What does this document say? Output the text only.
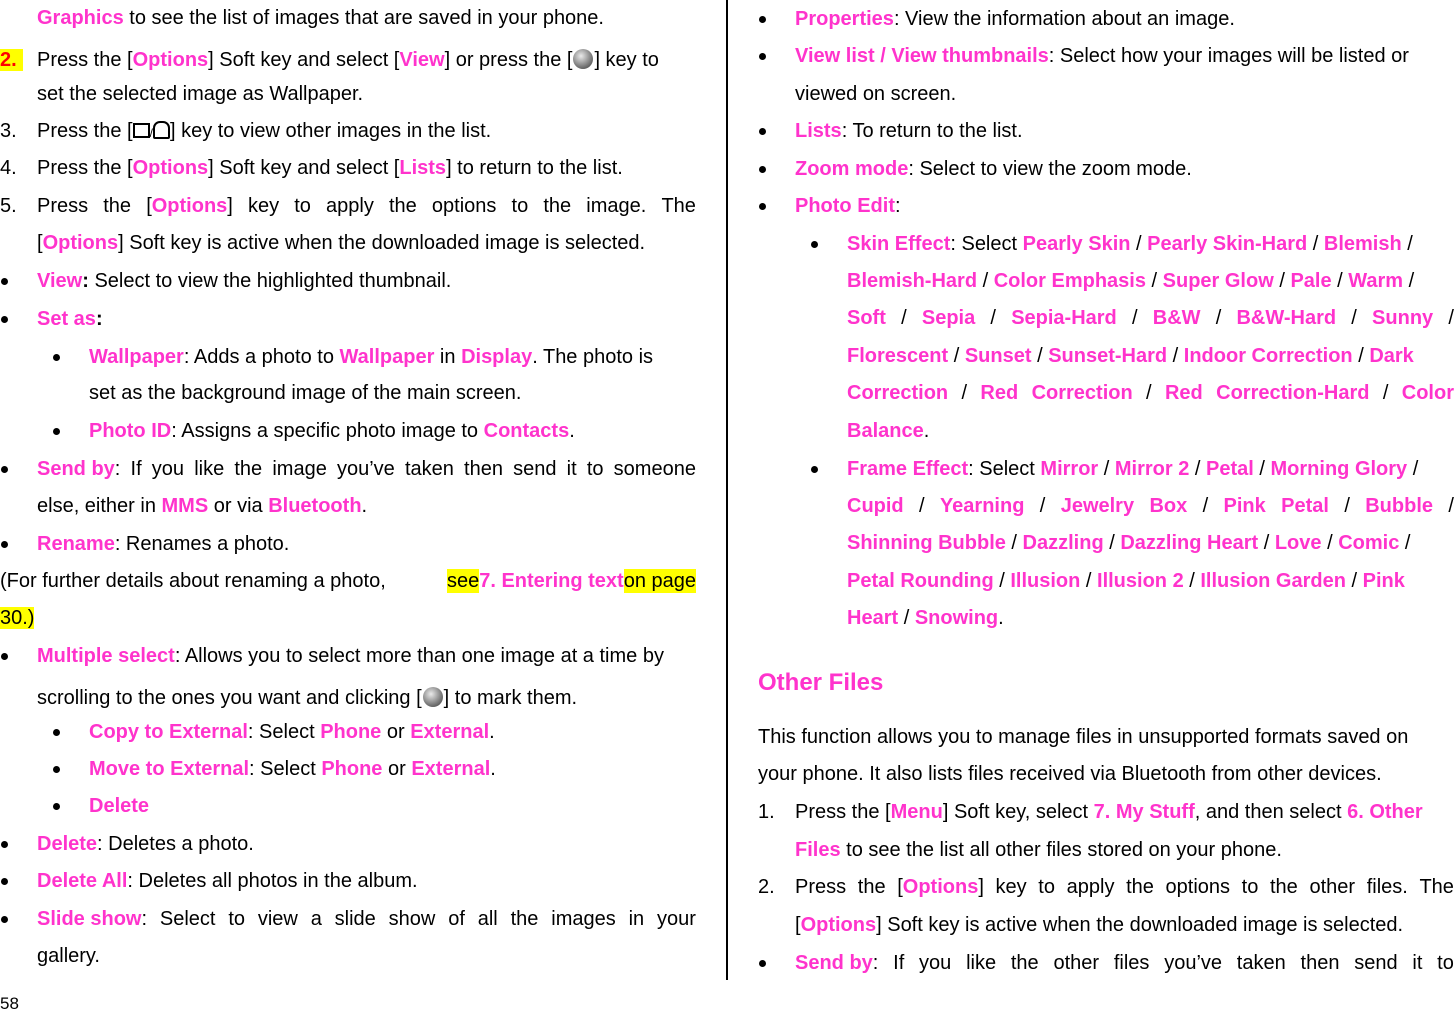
Graphics to see the list of images that are saved in your phone.
2.	Press the [Options] Soft key and select [View] or press the [ ] key to
set the selected image as Wallpaper.
3. Press the [ / ] key to view other images in the list.
4. Press the [Options] Soft key and select [Lists] to return to the list.
5. Press the [Options] key to apply the options to the image. The
[Options] Soft key is active when the downloaded image is selected.
View: Select to view the highlighted thumbnail.
Set as:
Wallpaper: Adds a photo to Wallpaper in Display. The photo is
set as the background image of the main screen.
Photo ID: Assigns a specific photo image to Contacts.
Send by: If you like the image you’ve taken then send it to someone
else, either in MMS or via Bluetooth.
Rename: Renames a photo.
(For further details about renaming a photo,	see 7. Entering text on page
30.)
Multiple select: Allows you to select more than one image at a time by
scrolling to the ones you want and clicking [ ] to mark them.
Copy to External: Select Phone or External.
Move to External: Select Phone or External.
Delete
Delete: Deletes a photo.
Delete All: Deletes all photos in the album.
Slide show: Select to view a slide show of all the images in your
gallery.
58
Properties: View the information about an image.
View list / View thumbnails: Select how your images will be listed or
viewed on screen.
Lists: To return to the list.
Zoom mode: Select to view the zoom mode.
Photo Edit:
Skin Effect: Select Pearly Skin / Pearly Skin-Hard / Blemish /
Blemish-Hard / Color Emphasis / Super Glow / Pale / Warm /
Soft / Sepia / Sepia-Hard / B&W / B&W-Hard / Sunny /
Florescent / Sunset / Sunset-Hard / Indoor Correction / Dark
Correction / Red Correction / Red Correction-Hard / Color
Balance.
Frame Effect: Select Mirror / Mirror 2 / Petal / Morning Glory /
Cupid / Yearning / Jewelry Box / Pink Petal / Bubble /
Shinning Bubble / Dazzling / Dazzling Heart / Love / Comic /
Petal Rounding / Illusion / Illusion 2 / Illusion Garden / Pink
Heart / Snowing.
Other Files
This function allows you to manage files in unsupported formats saved on
your phone. It also lists files received via Bluetooth from other devices.
1. Press the [Menu] Soft key, select 7. My Stuff, and then select 6. Other
Files to see the list all other files stored on your phone.
2. Press the [Options] key to apply the options to the other files. The
[Options] Soft key is active when the downloaded image is selected.
Send by: If you like the other files you’ve taken then send it to
